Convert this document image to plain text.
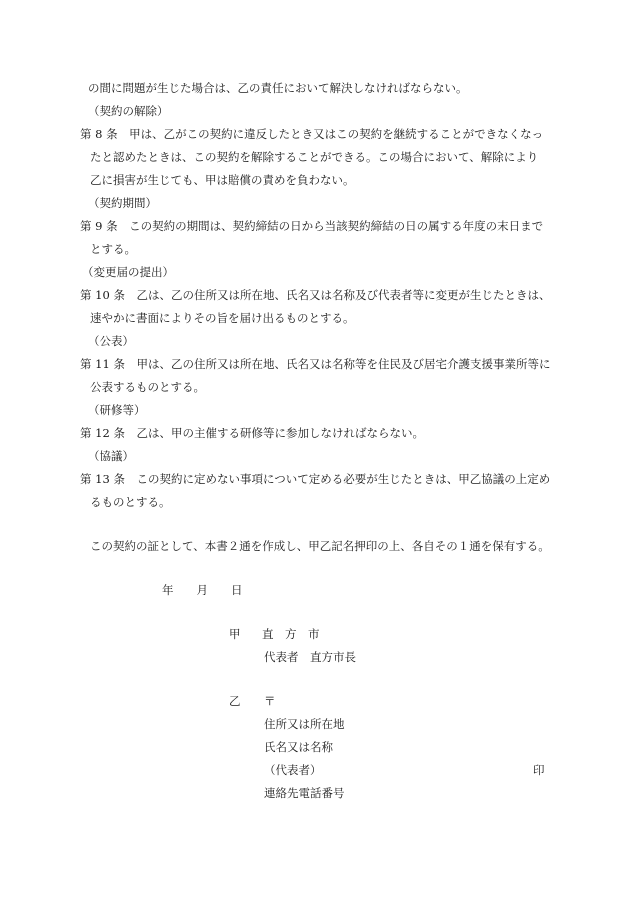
の間に問題が生じた場合は、乙の責任において解決しなければならない。
（契約の解除）
第 8 条　甲は、乙がこの契約に違反したとき又はこの契約を継続することができなくなっ
たと認めたときは、この契約を解除することができる。この場合において、解除により
乙に損害が生じても、甲は賠償の責めを負わない。
（契約期間）
第 9 条　この契約の期間は、契約締結の日から当該契約締結の日の属する年度の末日まで
とする。
（変更届の提出）
第 10 条　乙は、乙の住所又は所在地、氏名又は名称及び代表者等に変更が生じたときは、
速やかに書面によりその旨を届け出るものとする。
（公表）
第 11 条　甲は、乙の住所又は所在地、氏名又は名称等を住民及び居宅介護支援事業所等に
公表するものとする。
（研修等）
第 12 条　乙は、甲の主催する研修等に参加しなければならない。
（協議）
第 13 条　この契約に定めない事項について定める必要が生じたときは、甲乙協議の上定め
るものとする。
この契約の証として、本書２通を作成し、甲乙記名押印の上、各自その１通を保有する。
年　　月　　日
甲 直　方　市
代表者　直方市長
乙 〒
住所又は所在地
氏名又は名称
（代表者）	印
連絡先電話番号
